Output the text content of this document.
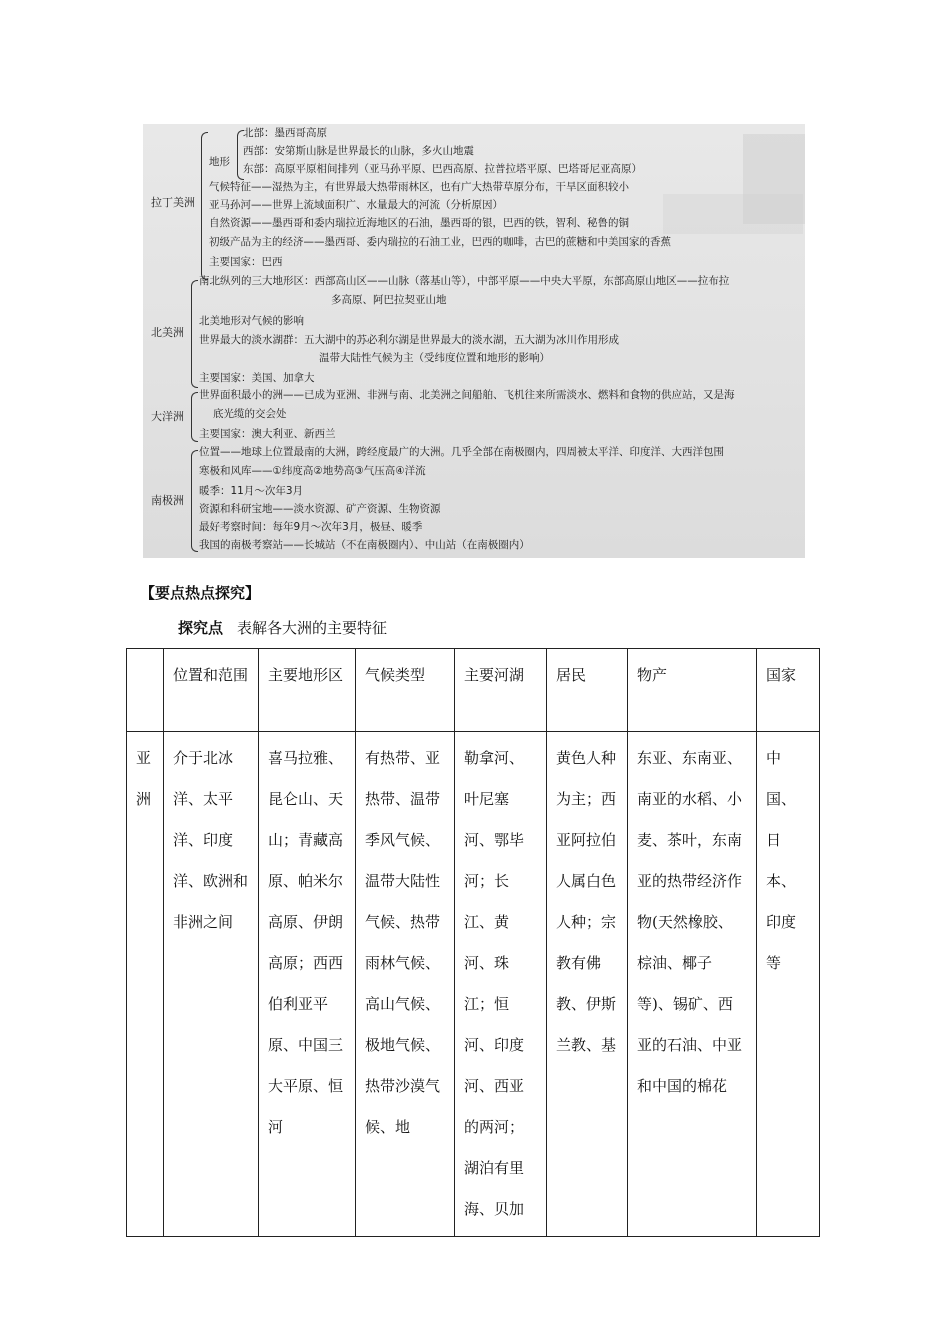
拉丁美洲
地形
北部：墨西哥高原
西部：安第斯山脉是世界最长的山脉，多火山地震
东部：高原平原相间排列（亚马孙平原、巴西高原、拉普拉塔平原、巴塔哥尼亚高原）
气候特征——湿热为主，有世界最大热带雨林区，也有广大热带草原分布，干旱区面积较小
亚马孙河——世界上流域面积广、水量最大的河流（分析原因）
自然资源——墨西哥和委内瑞拉近海地区的石油，墨西哥的银，巴西的铁，智利、秘鲁的铜
初级产品为主的经济——墨西哥、委内瑞拉的石油工业，巴西的咖啡，古巴的蔗糖和中美国家的香蕉
主要国家：巴西
北美洲
南北纵列的三大地形区：西部高山区——山脉（落基山等），中部平原——中央大平原，东部高原山地区——拉布拉
多高原、阿巴拉契亚山地
北美地形对气候的影响
世界最大的淡水湖群：五大湖中的苏必利尔湖是世界最大的淡水湖，五大湖为冰川作用形成
温带大陆性气候为主（受纬度位置和地形的影响）
主要国家：美国、加拿大
大洋洲
世界面积最小的洲——已成为亚洲、非洲与南、北美洲之间船舶、飞机往来所需淡水、燃料和食物的供应站，又是海
底光缆的交会处
主要国家：澳大利亚、新西兰
南极洲
位置——地球上位置最南的大洲，跨经度最广的大洲。几乎全部在南极圈内，四周被太平洋、印度洋、大西洋包围
寒极和风库——①纬度高②地势高③气压高④洋流
暖季：11月～次年3月
资源和科研宝地——淡水资源、矿产资源、生物资源
最好考察时间：每年9月～次年3月，极昼、暖季
我国的南极考察站——长城站（不在南极圈内）、中山站（在南极圈内）
【要点热点探究】
探究点 表解各大洲的主要特征
	位置和范围	主要地形区	气候类型	主要河湖	居民	物产	国家
亚洲	介于北冰洋、太平洋、印度洋、欧洲和非洲之间	喜马拉雅、昆仑山、天山；青藏高原、帕米尔高原、伊朗高原；西西伯利亚平原、中国三大平原、恒河	有热带、亚热带、温带季风气候、温带大陆性气候、热带雨林气候、高山气候、极地气候、热带沙漠气候、地	勒拿河、叶尼塞河、鄂毕河；长江、黄河、珠江；恒河、印度河、西亚的两河；湖泊有里海、贝加	黄色人种为主；西亚阿拉伯人属白色人种；宗教有佛教、伊斯兰教、基	东亚、东南亚、南亚的水稻、小麦、茶叶，东南亚的热带经济作物(天然橡胶、棕油、椰子等)、锡矿、西亚的石油、中亚和中国的棉花	中国、日本、印度等
